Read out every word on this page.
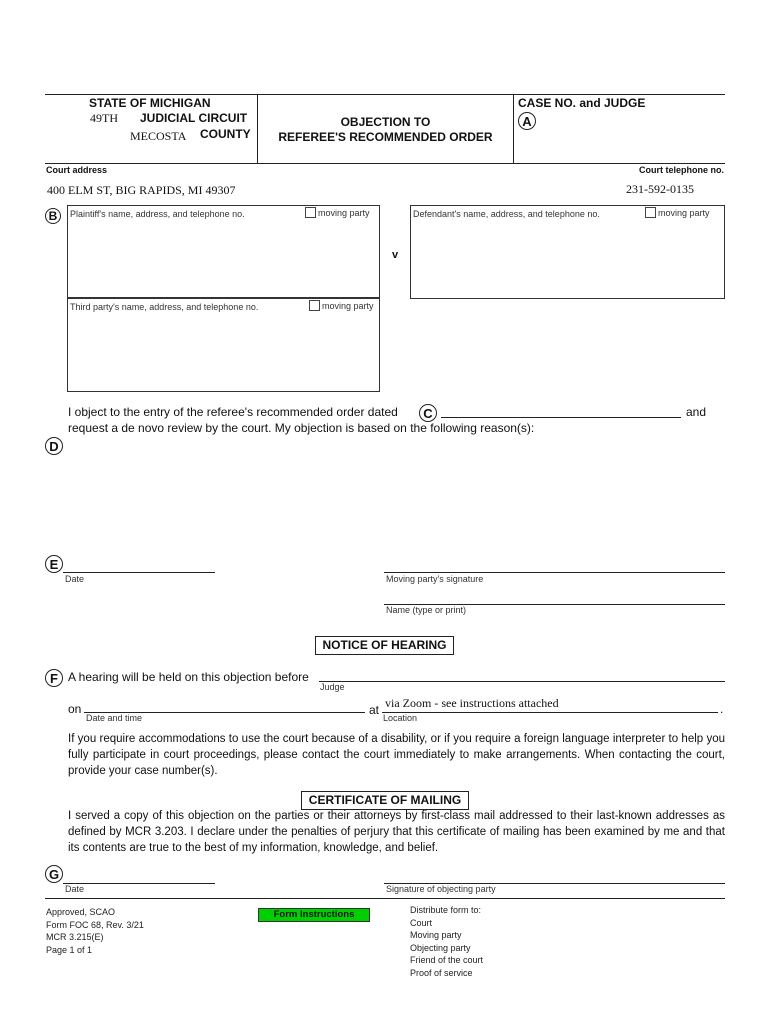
STATE OF MICHIGAN
49TH JUDICIAL CIRCUIT
MECOSTA COUNTY
OBJECTION TO
REFEREE'S RECOMMENDED ORDER
CASE NO. and JUDGE
A
Court address	Court telephone no.
400 ELM ST, BIG RAPIDS, MI 49307	231-592-0135
B	Plaintiff's name, address, and telephone no.	moving party
v
Defendant's name, address, and telephone no.	moving party
Third party's name, address, and telephone no.	moving party
I object to the entry of the referee's recommended order dated	C	and
request a de novo review by the court. My objection is based on the following reason(s):
D
E
Date	Moving party's signature
Name (type or print)
NOTICE OF HEARING
F A hearing will be held on this objection before
Judge
on
Date and time
at via Zoom - see instructions attached
Location
.
If you require accommodations to use the court because of a disability, or if you require a foreign language interpreter to help you fully participate in court proceedings, please contact the court immediately to make arrangements. When contacting the court, provide your case number(s).
CERTIFICATE OF MAILING
I served a copy of this objection on the parties or their attorneys by first-class mail addressed to their last-known addresses as defined by MCR 3.203. I declare under the penalties of perjury that this certificate of mailing has been examined by me and that its contents are true to the best of my information, knowledge, and belief.
G
Date	Signature of objecting party
Approved, SCAO
Form FOC 68, Rev. 3/21
MCR 3.215(E)
Page 1 of 1
Form Instructions	Distribute form to:
Court
Moving party
Objecting party
Friend of the court
Proof of service
